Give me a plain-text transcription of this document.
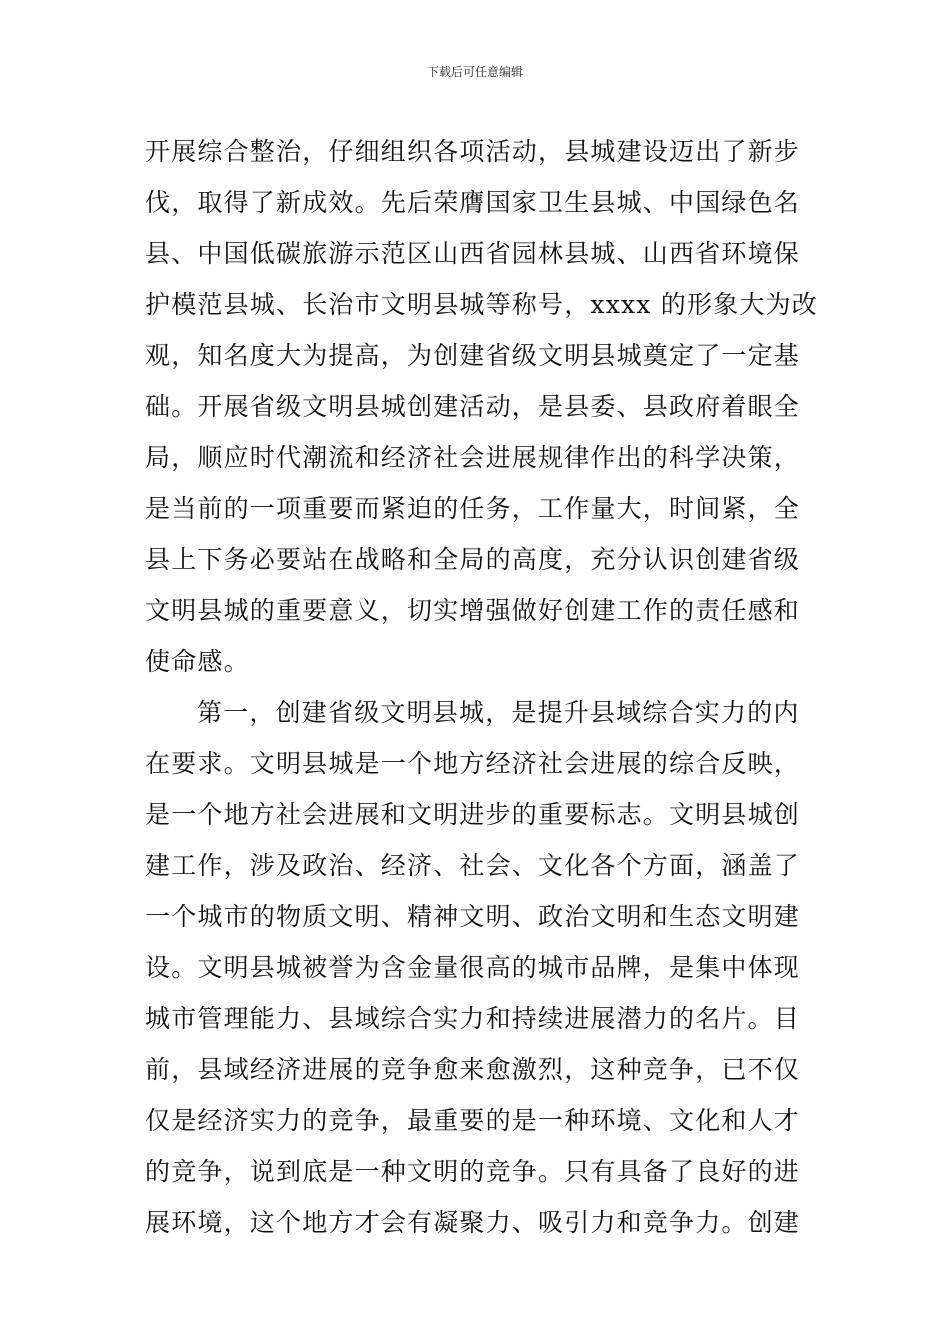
下载后可任意编辑
开展综合整治，仔细组织各项活动，县城建设迈出了新步
伐，取得了新成效。先后荣膺国家卫生县城、中国绿色名
县、中国低碳旅游示范区山西省园林县城、山西省环境保
护模范县城、长治市文明县城等称号，xxxx 的形象大为改
观，知名度大为提高，为创建省级文明县城奠定了一定基
础。开展省级文明县城创建活动，是县委、县政府着眼全
局，顺应时代潮流和经济社会进展规律作出的科学决策，
是当前的一项重要而紧迫的任务，工作量大，时间紧，全
县上下务必要站在战略和全局的高度，充分认识创建省级
文明县城的重要意义，切实增强做好创建工作的责任感和
使命感。
第一，创建省级文明县城，是提升县域综合实力的内
在要求。文明县城是一个地方经济社会进展的综合反映，
是一个地方社会进展和文明进步的重要标志。文明县城创
建工作，涉及政治、经济、社会、文化各个方面，涵盖了
一个城市的物质文明、精神文明、政治文明和生态文明建
设。文明县城被誉为含金量很高的城市品牌，是集中体现
城市管理能力、县域综合实力和持续进展潜力的名片。目
前，县域经济进展的竞争愈来愈激烈，这种竞争，已不仅
仅是经济实力的竞争，最重要的是一种环境、文化和人才
的竞争，说到底是一种文明的竞争。只有具备了良好的进
展环境，这个地方才会有凝聚力、吸引力和竞争力。创建
